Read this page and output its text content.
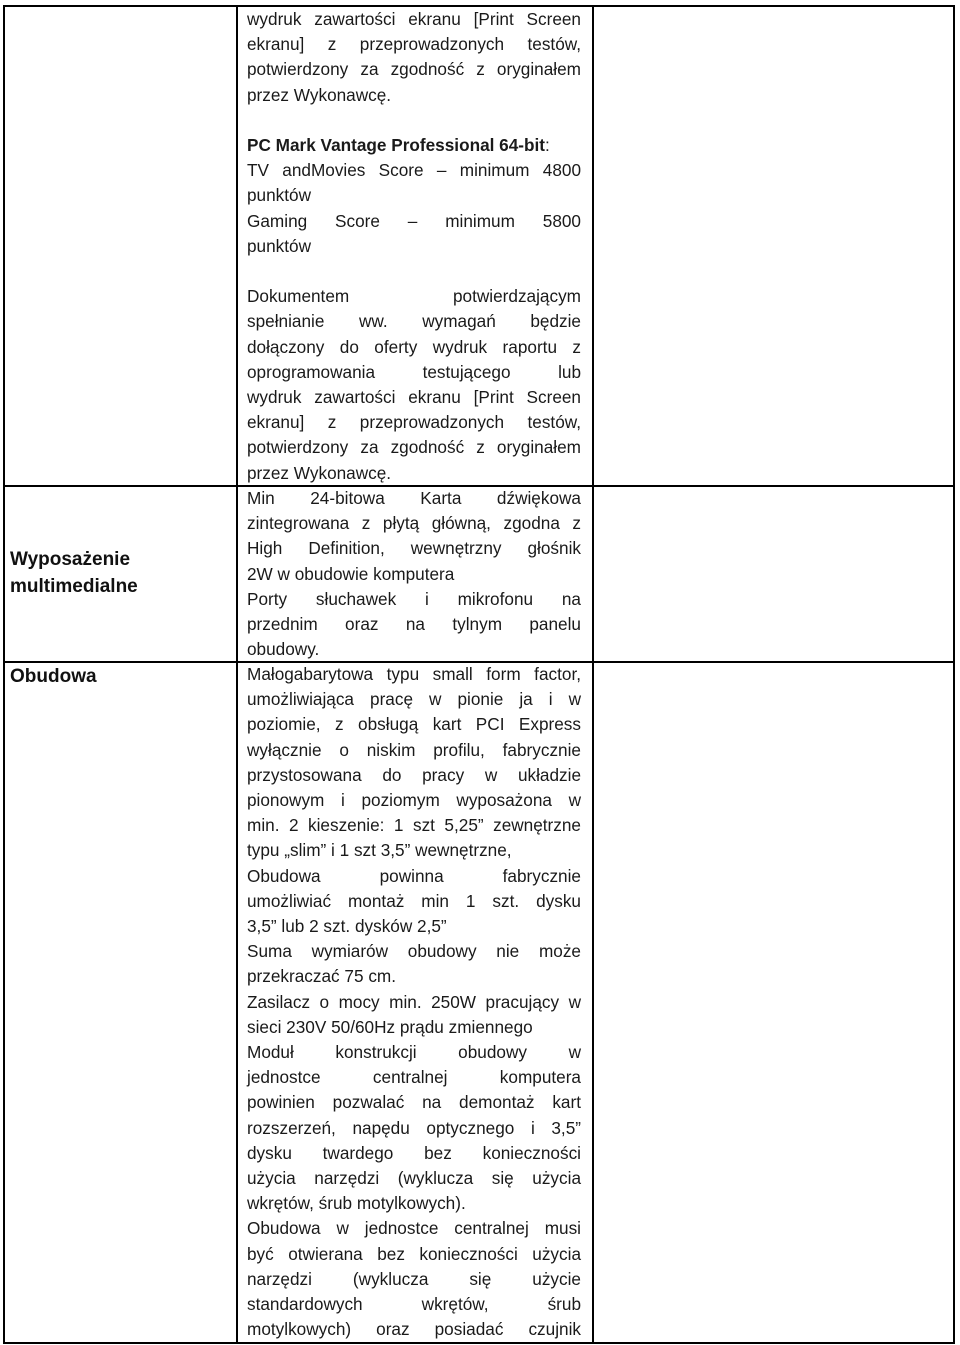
wydruk zawartości ekranu [Print Screen

ekranu] z przeprowadzonych testów,

potwierdzony za zgodność z oryginałem

przez Wykonawcę.

PC Mark Vantage Professional 64-bit:

TV andMovies Score – minimum 4800

punktów

Gaming Score – minimum 5800

punktów

Dokumentem potwierdzającym

spełnianie ww. wymagań będzie

dołączony do oferty wydruk raportu z

oprogramowania testującego lub

wydruk zawartości ekranu [Print Screen

ekranu] z przeprowadzonych testów,

potwierdzony za zgodność z oryginałem

przez Wykonawcę.

Wyposażenie
multimedialne

Min 24-bitowa Karta dźwiękowa

zintegrowana z płytą główną, zgodna z

High Definition, wewnętrzny głośnik

2W w obudowie komputera

Porty słuchawek i mikrofonu na

przednim oraz na tylnym panelu

obudowy.

Obudowa	Małogabarytowa typu small form factor,

umożliwiająca pracę w pionie ja i w

poziomie, z obsługą kart PCI Express

wyłącznie o niskim profilu, fabrycznie

przystosowana do pracy w układzie

pionowym i poziomym wyposażona w

min. 2 kieszenie: 1 szt 5,25” zewnętrzne

typu „slim” i 1 szt 3,5” wewnętrzne,

Obudowa powinna fabrycznie

umożliwiać montaż min 1 szt. dysku

3,5” lub 2 szt. dysków 2,5”

Suma wymiarów obudowy nie może

przekraczać 75 cm.

Zasilacz o mocy min. 250W pracujący w

sieci 230V 50/60Hz prądu zmiennego

Moduł konstrukcji obudowy w

jednostce centralnej komputera

powinien pozwalać na demontaż kart

rozszerzeń, napędu optycznego i 3,5”

dysku twardego bez konieczności

użycia narzędzi (wyklucza się użycia

wkrętów, śrub motylkowych).

Obudowa w jednostce centralnej musi

być otwierana bez konieczności użycia

narzędzi (wyklucza się użycie

standardowych wkrętów, śrub

motylkowych) oraz posiadać czujnik
